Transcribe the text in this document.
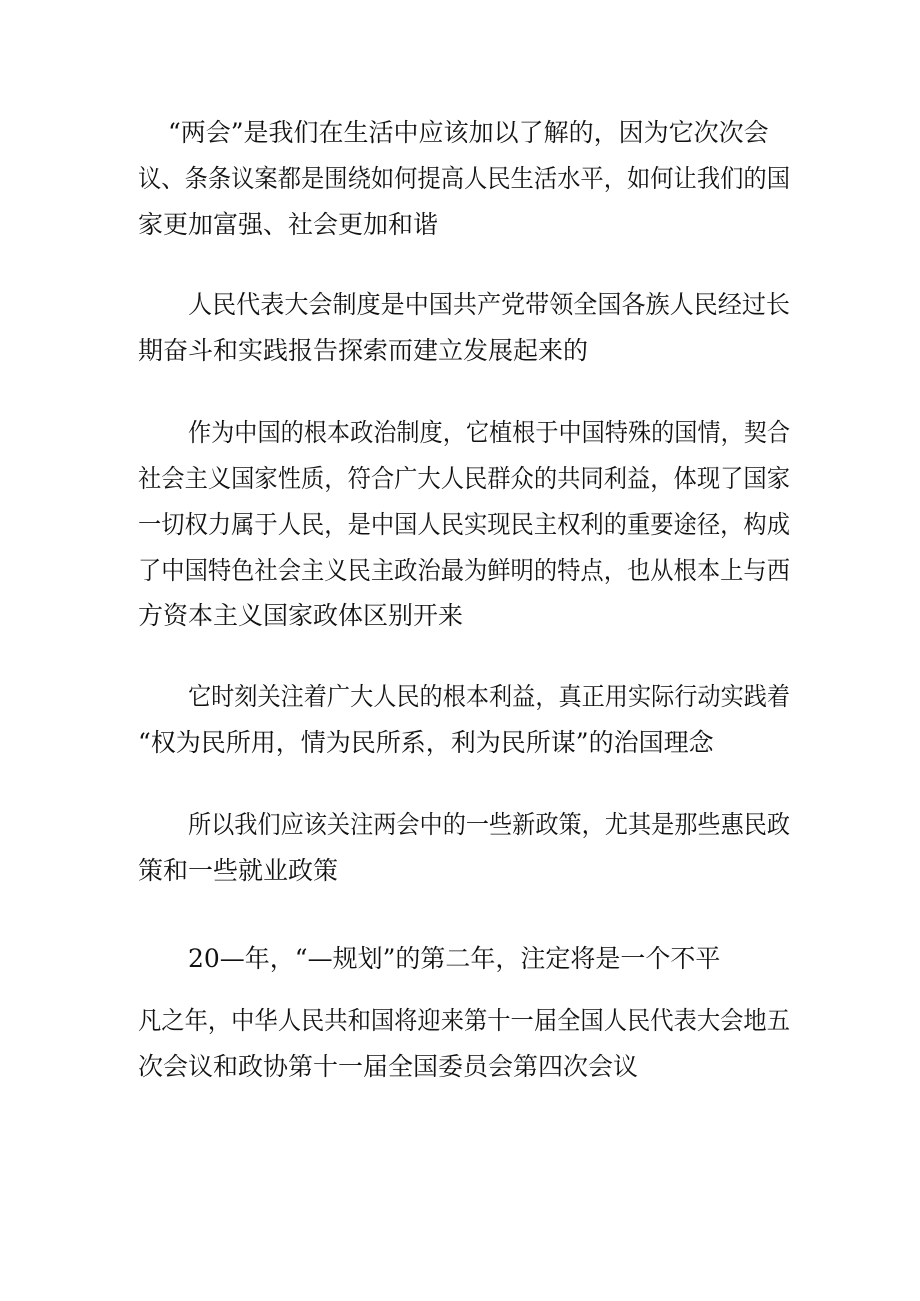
“两会”是我们在生活中应该加以了解的，因为它次次会
议、条条议案都是围绕如何提高人民生活水平，如何让我们的国
家更加富强、社会更加和谐
人民代表大会制度是中国共产党带领全国各族人民经过长
期奋斗和实践报告探索而建立发展起来的
作为中国的根本政治制度，它植根于中国特殊的国情，契合
社会主义国家性质，符合广大人民群众的共同利益，体现了国家
一切权力属于人民，是中国人民实现民主权利的重要途径，构成
了中国特色社会主义民主政治最为鲜明的特点，也从根本上与西
方资本主义国家政体区别开来
它时刻关注着广大人民的根本利益，真正用实际行动实践着
“权为民所用，情为民所系，利为民所谋”的治国理念
所以我们应该关注两会中的一些新政策，尤其是那些惠民政
策和一些就业政策
20—年，“—规划”的第二年，注定将是一个不平
凡之年，中华人民共和国将迎来第十一届全国人民代表大会地五
次会议和政协第十一届全国委员会第四次会议
